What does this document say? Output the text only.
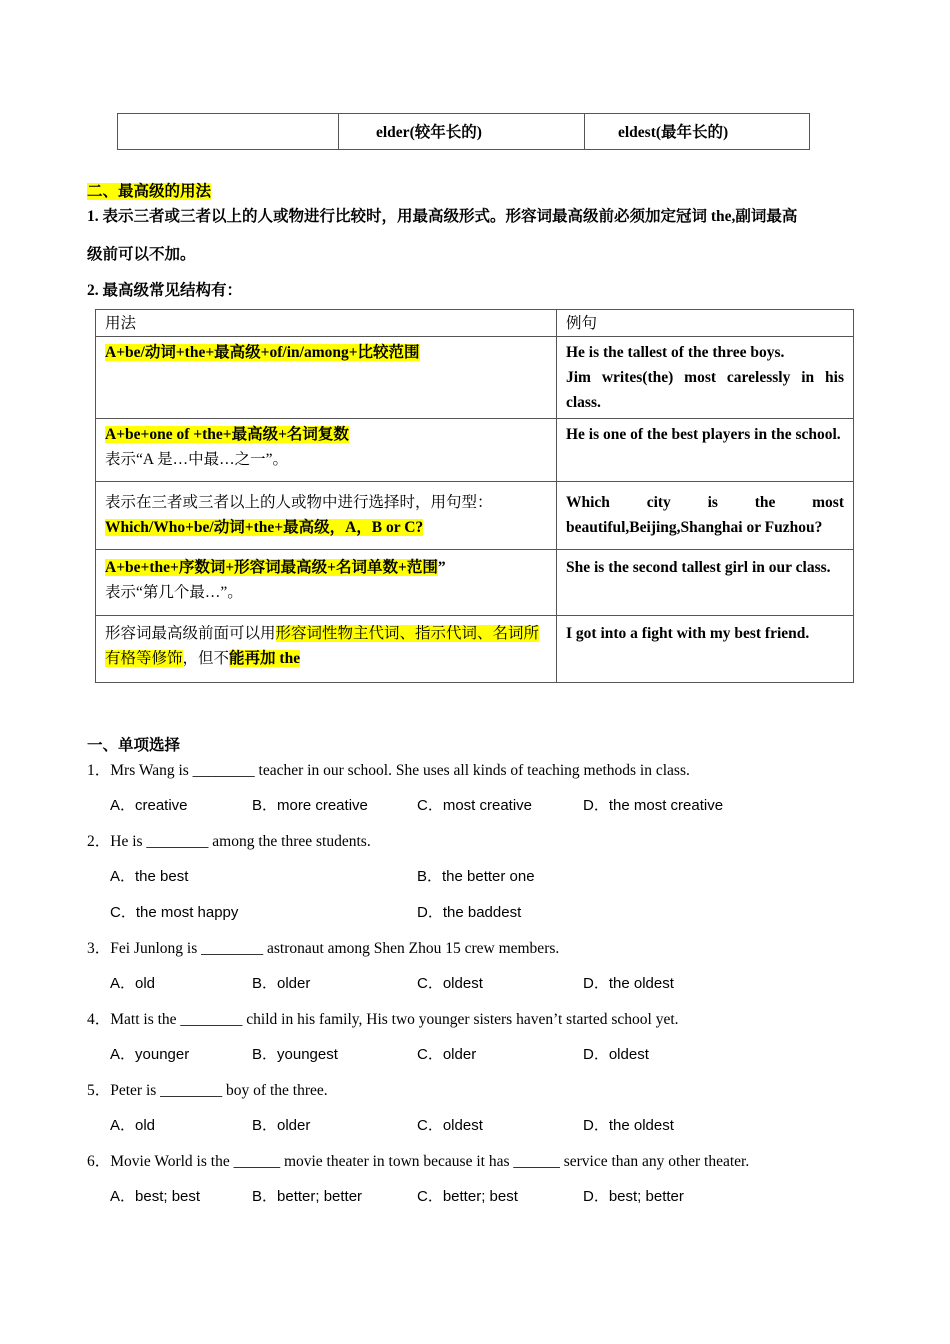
elder(较年长的)	eldest(最年长的)
二、最高级的用法
1. 表示三者或三者以上的人或物进行比较时，用最高级形式。形容词最高级前必须加定冠词 the,副词最高
级前可以不加。
2. 最高级常见结构有：
用法	例句
A+be/动词+the+最高级+of/in/among+比较范围	He is the tallest of the three boys.
Jim writes(the) most carelessly in his class.

A+be+one of +the+最高级+名词复数
表示“A 是…中最…之一”。	He is one of the best players in the school.

表示在三者或三者以上的人或物中进行选择时，用句型：
Which/Who+be/动词+the+最高级，A，B or C?	Which city is the most beautiful,Beijing,Shanghai or Fuzhou?

A+be+the+序数词+形容词最高级+名词单数+范围”
表示“第几个最…”。	She is the second tallest girl in our class.
形容词最高级前面可以用形容词性物主代词、指示代词、名词所有格等修饰，但不能再加 the	I got into a fight with my best friend.
一、单项选择
1．Mrs Wang is ________ teacher in our school. She uses all kinds of teaching methods in class.
A．creative	B．more creative	C．most creative	D．the most creative
2．He is ________ among the three students.
A．the best	B．the better one
C．the most happy	D．the baddest
3．Fei Junlong is ________ astronaut among Shen Zhou 15 crew members.
A．old	B．older	C．oldest	D．the oldest
4．Matt is the ________ child in his family, His two younger sisters haven’t started school yet.
A．younger	B．youngest	C．older	D．oldest
5．Peter is ________ boy of the three.
A．old	B．older	C．oldest	D．the oldest
6．Movie World is the ______ movie theater in town because it has ______ service than any other theater.
A．best; best	B．better; better	C．better; best	D．best; better
